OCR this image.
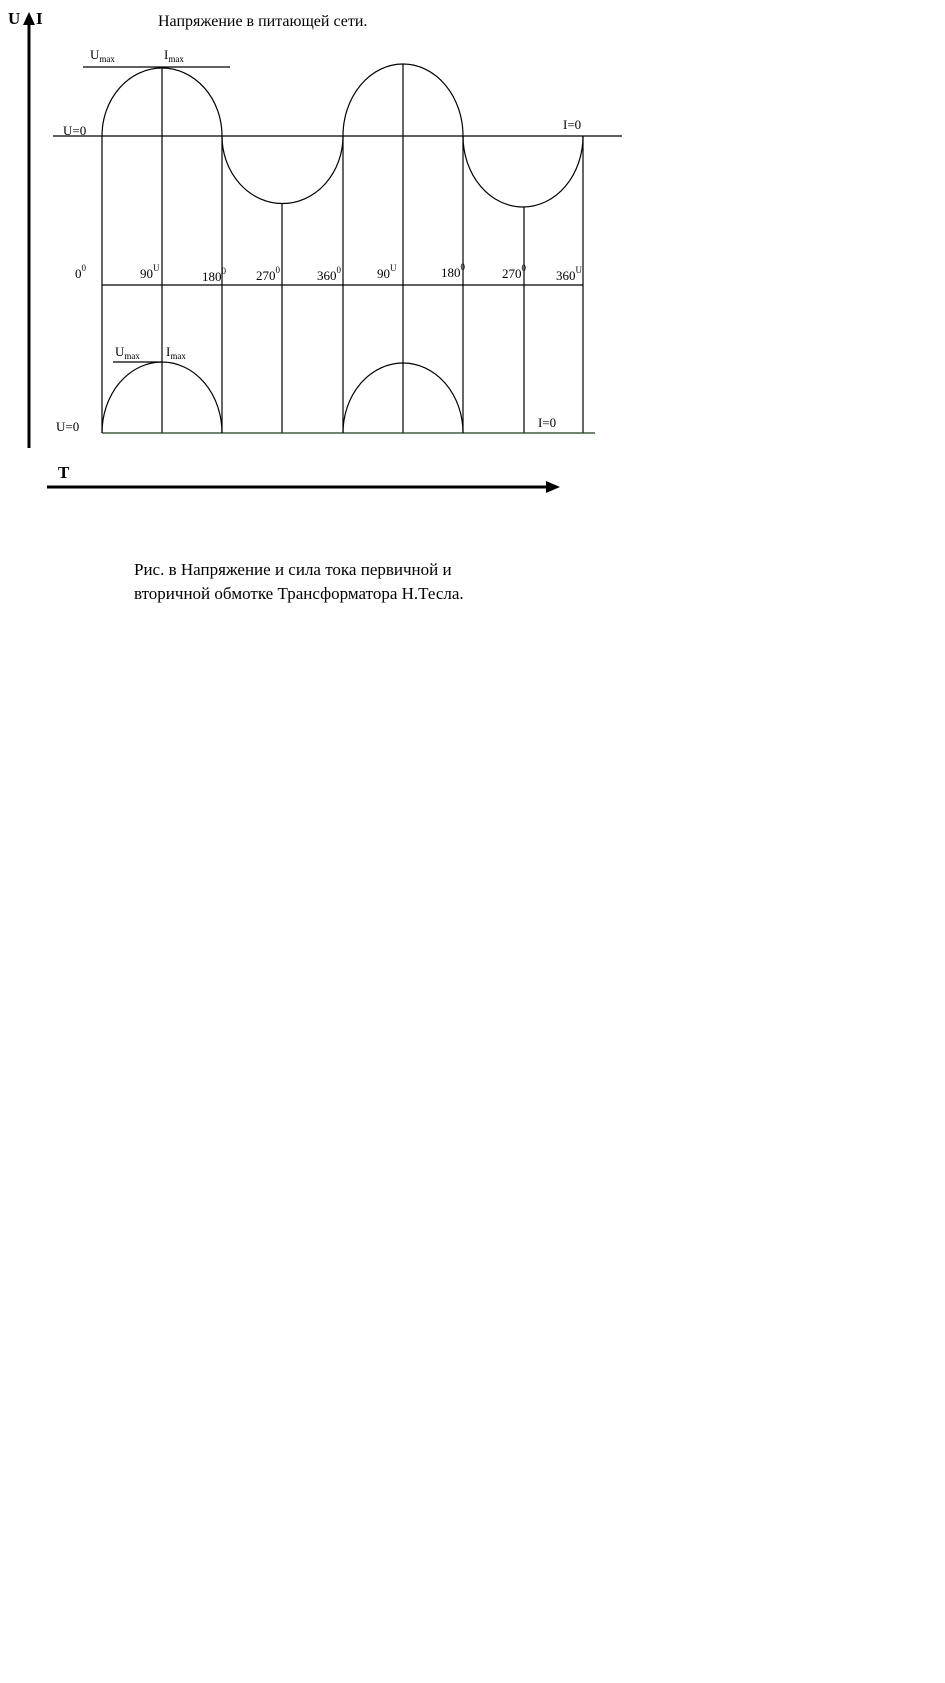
Напряжение в питающей сети.
U I
T
$U_{max}$	$I_{max}$
U=0	I=0
$0^0$	$90^U$
$180^0$ $270^0$	$360^0$	$90^U$	$180^0$	$270^0$ $360^U$
$U_{max}$ $I_{max}$
U=0	I=0
Рис. в Напряжение и сила тока первичной и
вторичной обмотке Трансформатора Н.Тесла.
